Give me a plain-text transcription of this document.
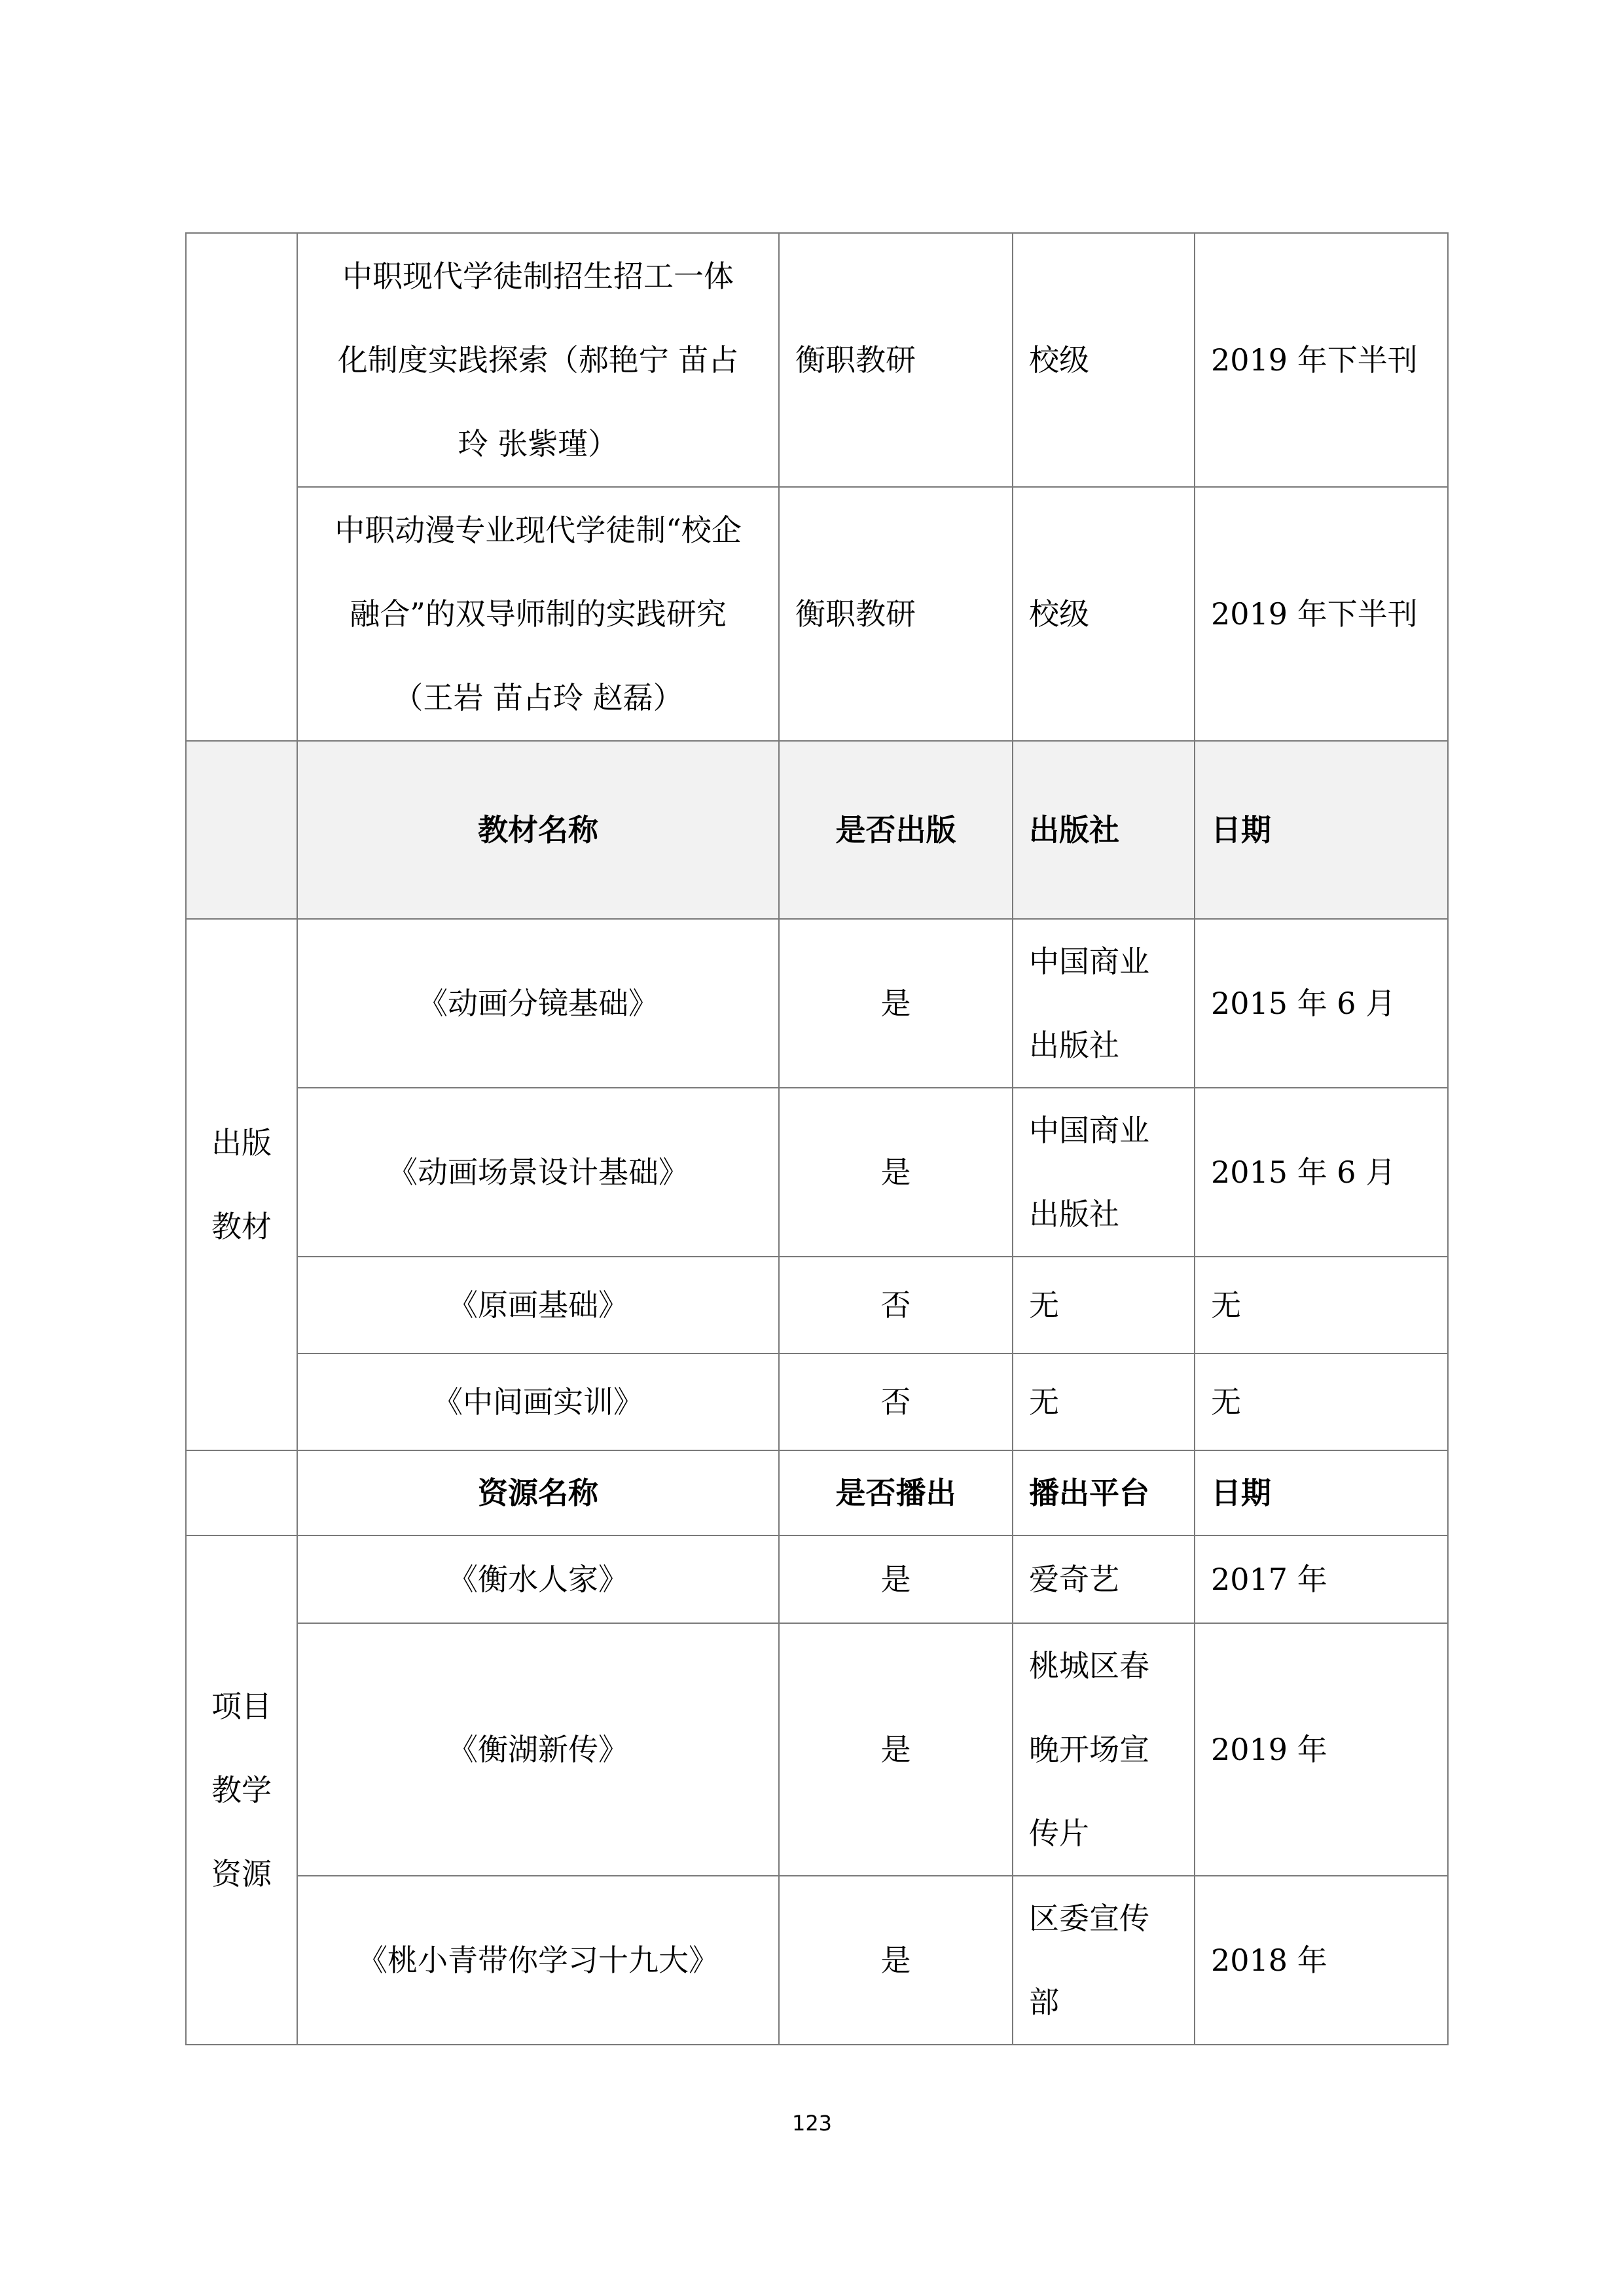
	中职现代学徒制招生招工一体
化制度实践探索（郝艳宁 苗占
玲 张紫瑾）	衡职教研	校级	2019 年下半刊

	中职动漫专业现代学徒制“校企
融合”的双导师制的实践研究
（王岩 苗占玲 赵磊）	衡职教研	校级	2019 年下半刊
	教材名称	是否出版	出版社	日期

出版
教材	《动画分镜基础》	是	中国商业
出版社	2015 年 6 月
	《动画场景设计基础》	是	中国商业
出版社	2015 年 6 月
	《原画基础》	否	无	无
	《中间画实训》	否	无	无
	资源名称	是否播出	播出平台	日期

项目
教学
资源	《衡水人家》	是	爱奇艺	2017 年
	《衡湖新传》	是	桃城区春
晚开场宣
传片	2019 年
	《桃小青带你学习十九大》	是	区委宣传
部	2018 年
123
